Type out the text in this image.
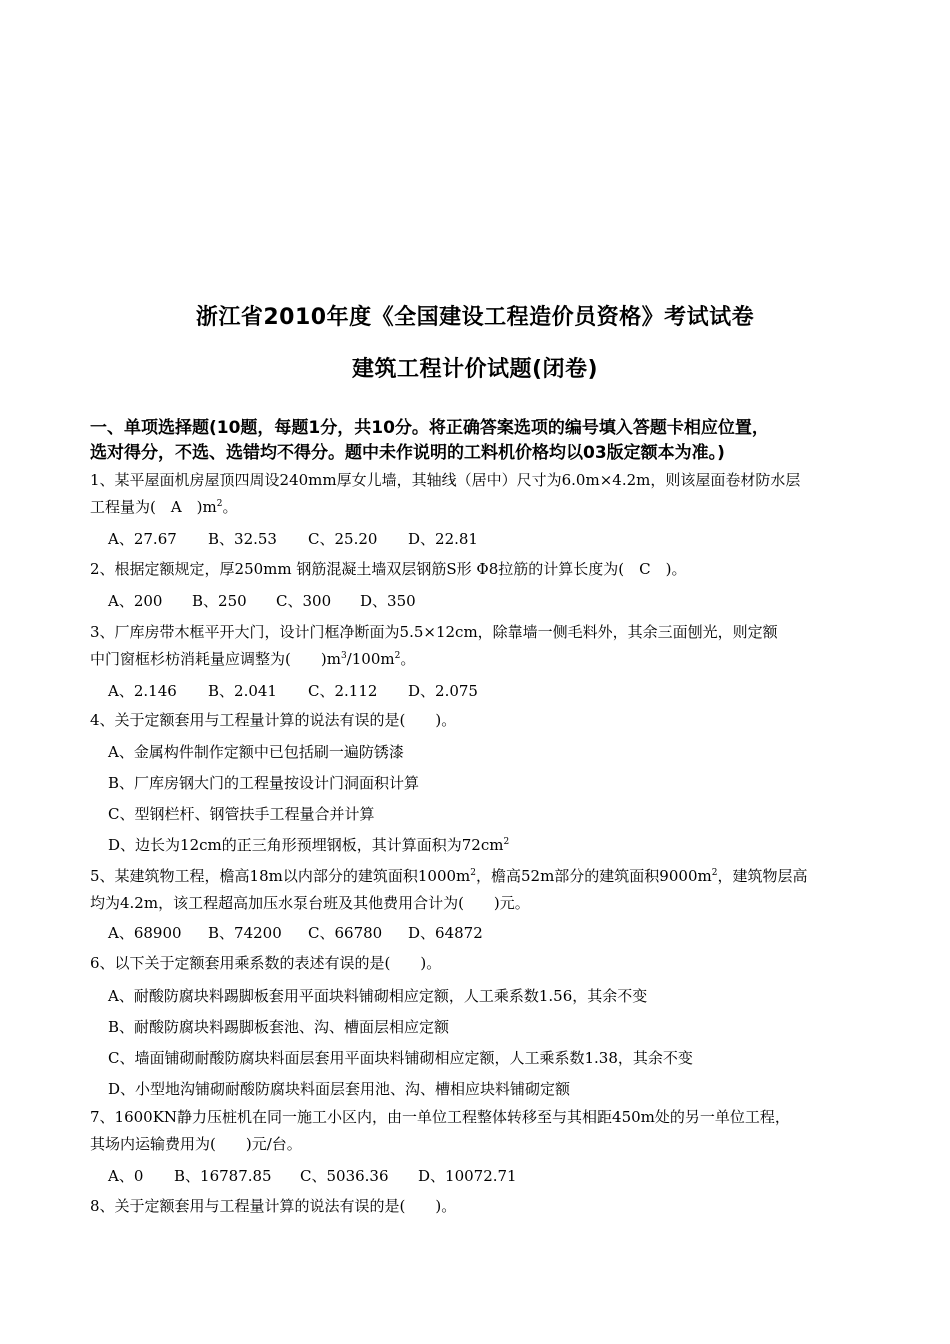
浙江省2010年度《全国建设工程造价员资格》考试试卷
建筑工程计价试题(闭卷)
一、单项选择题(10题，每题1分，共10分。将正确答案选项的编号填入答题卡相应位置，
选对得分，不选、选错均不得分。题中未作说明的工料机价格均以03版定额本为准。)
1、某平屋面机房屋顶四周设240mm厚女儿墙，其轴线（居中）尺寸为6.0m×4.2m，则该屋面卷材防水层
工程量为(　A　)$m^2$。
A、27.67 B、32.53 C、25.20 D、22.81
2、根据定额规定，厚250mm 钢筋混凝土墙双层钢筋S形 Φ8拉筋的计算长度为(　C　)。
A、200 B、250 C、300 D、350
3、厂库房带木框平开大门，设计门框净断面为5.5×12cm，除靠墙一侧毛料外，其余三面刨光，则定额
中门窗框杉枋消耗量应调整为(　　)$m^3/100m^2$。
A、2.146 B、2.041 C、2.112 D、2.075
4、关于定额套用与工程量计算的说法有误的是(　　)。
A、金属构件制作定额中已包括刷一遍防锈漆
B、厂库房钢大门的工程量按设计门洞面积计算
C、型钢栏杆、钢管扶手工程量合并计算
D、边长为12cm的正三角形预埋钢板，其计算面积为$72cm^2$
5、某建筑物工程，檐高18m以内部分的建筑面积$1000m^2$，檐高52m部分的建筑面积$9000m^2$，建筑物层高
均为4.2m，该工程超高加压水泵台班及其他费用合计为(　　)元。
A、68900 B、74200 C、66780 D、64872
6、以下关于定额套用乘系数的表述有误的是(　　)。
A、耐酸防腐块料踢脚板套用平面块料铺砌相应定额，人工乘系数1.56，其余不变
B、耐酸防腐块料踢脚板套池、沟、槽面层相应定额
C、墙面铺砌耐酸防腐块料面层套用平面块料铺砌相应定额，人工乘系数1.38，其余不变
D、小型地沟铺砌耐酸防腐块料面层套用池、沟、槽相应块料铺砌定额
7、1600KN静力压桩机在同一施工小区内，由一单位工程整体转移至与其相距450m处的另一单位工程，
其场内运输费用为(　　)元/台。
A、0 B、16787.85 C、5036.36 D、10072.71
8、关于定额套用与工程量计算的说法有误的是(　　)。
